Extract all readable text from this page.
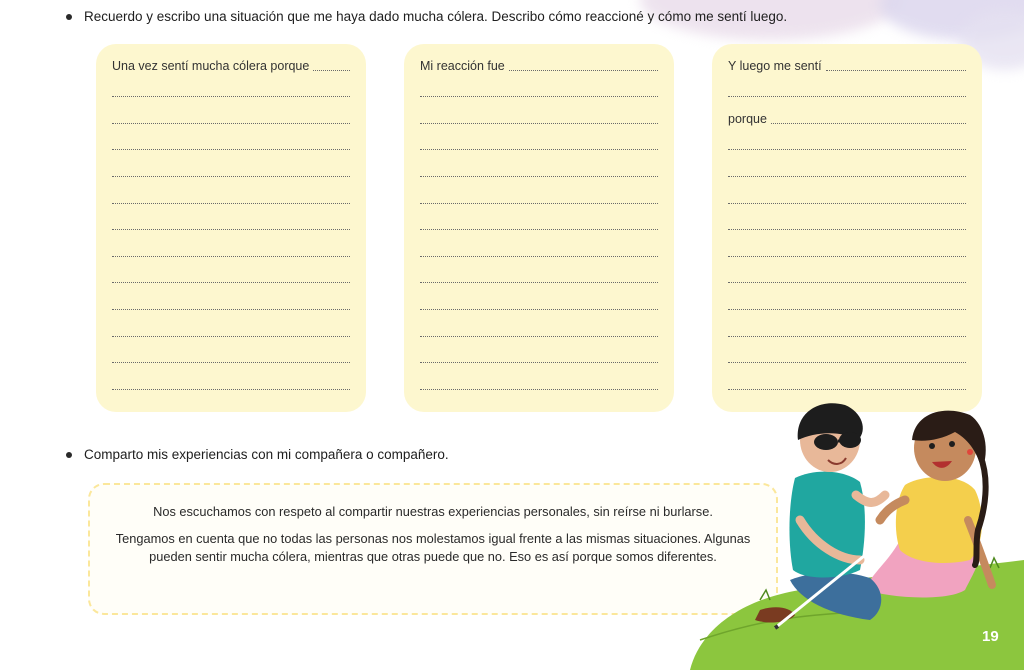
Recuerdo y escribo una situación que me haya dado mucha cólera. Describo cómo reaccioné y cómo me sentí luego.
Una vez sentí mucha cólera porque	Mi reacción fue	Y luego me sentí
porque
Comparto mis experiencias con mi compañera o compañero.

Nos escuchamos con respeto al compartir nuestras experiencias personales, sin reírse ni burlarse.

Tengamos en cuenta que no todas las personas nos molestamos igual frente a las mismas situaciones. Algunas pueden sentir mucha cólera, mientras que otras puede que no. Eso es así porque somos diferentes.

19
